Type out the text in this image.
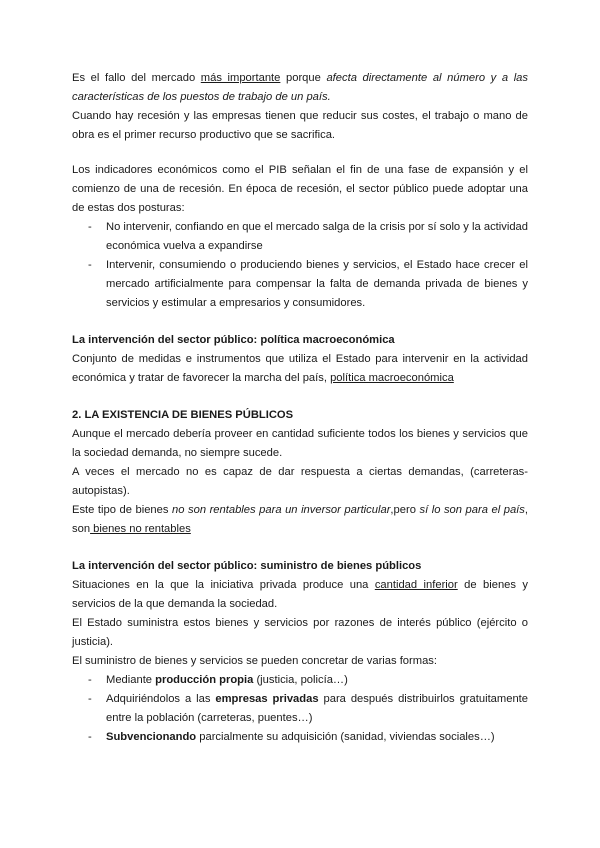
Es el fallo del mercado más importante porque afecta directamente al número y a las características de los puestos de trabajo de un país.

Cuando hay recesión y las empresas tienen que reducir sus costes, el trabajo o mano de obra es el primer recurso productivo que se sacrifica.

Los indicadores económicos como el PIB señalan el fin de una fase de expansión y el comienzo de una de recesión. En época de recesión, el sector público puede adoptar una de estas dos posturas:

- No intervenir, confiando en que el mercado salga de la crisis por sí solo y la actividad económica vuelva a expandirse
- Intervenir, consumiendo o produciendo bienes y servicios, el Estado hace crecer el mercado artificialmente para compensar la falta de demanda privada de bienes y servicios y estimular a empresarios y consumidores.
La intervención del sector público: política macroeconómica

Conjunto de medidas e instrumentos que utiliza el Estado para intervenir en la actividad económica y tratar de favorecer la marcha del país, política macroeconómica

2. LA EXISTENCIA DE BIENES PÚBLICOS

Aunque el mercado debería proveer en cantidad suficiente todos los bienes y servicios que la sociedad demanda, no siempre sucede.

A veces el mercado no es capaz de dar respuesta a ciertas demandas, (carreteras-autopistas).

Este tipo de bienes no son rentables para un inversor particular,pero sí lo son para el país, son bienes no rentables

La intervención del sector público: suministro de bienes públicos

Situaciones en la que la iniciativa privada produce una cantidad inferior de bienes y servicios de la que demanda la sociedad.

El Estado suministra estos bienes y servicios por razones de interés público (ejército o justicia).

El suministro de bienes y servicios se pueden concretar de varias formas:

- Mediante producción propia (justicia, policía…)
- Adquiriéndolos a las empresas privadas para después distribuirlos gratuitamente entre la población (carreteras, puentes…)
- Subvencionando parcialmente su adquisición (sanidad, viviendas sociales…)
